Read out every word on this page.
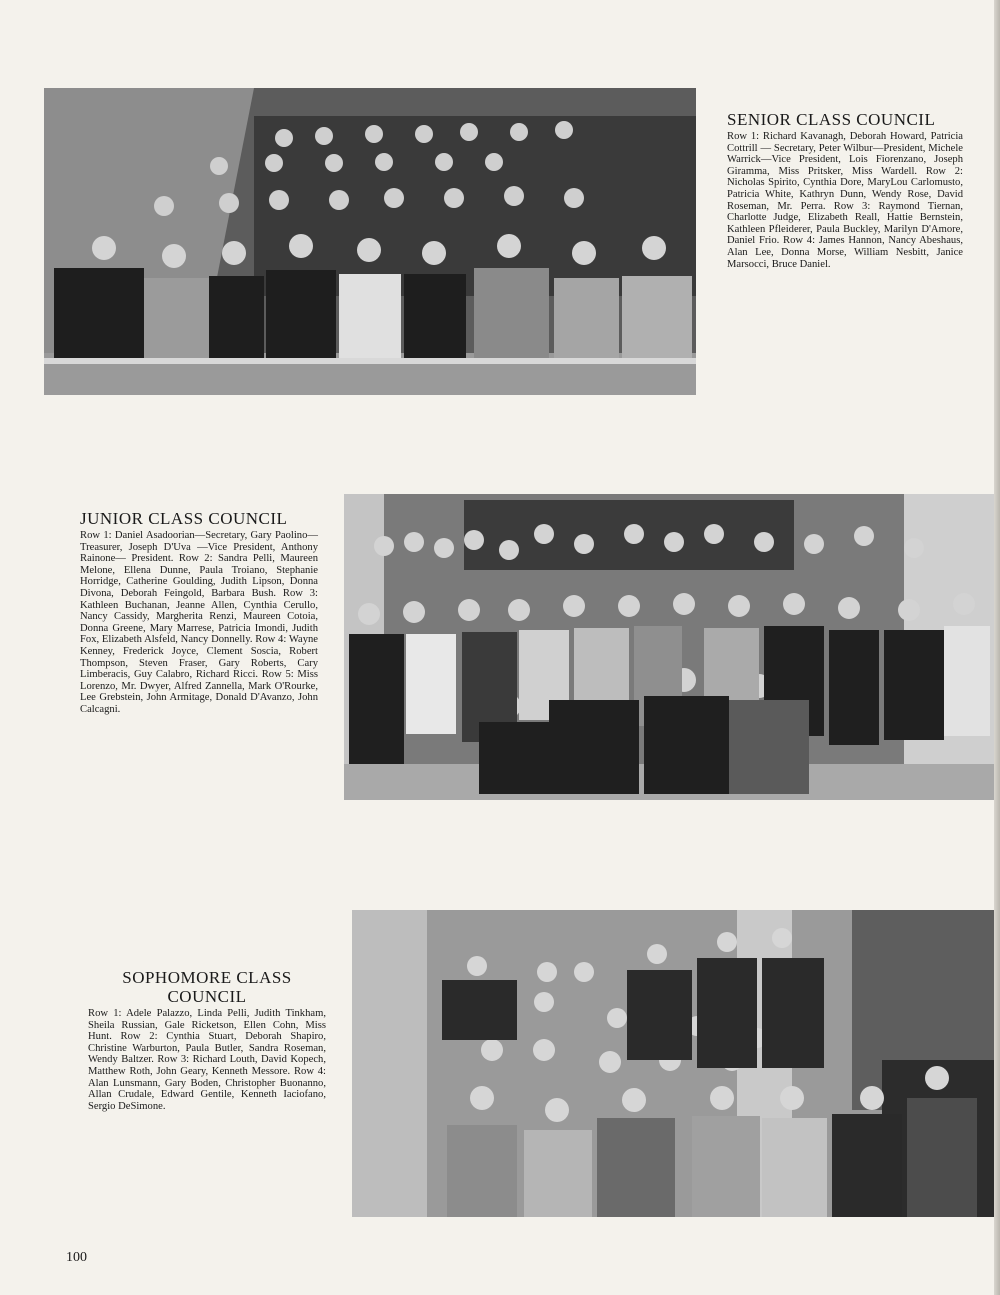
SENIOR CLASS COUNCIL

Row 1: Richard Kavanagh, Deborah Howard, Patricia Cottrill — Secretary, Peter Wilbur—President, Michele Warrick—Vice President, Lois Fiorenzano, Joseph Giramma, Miss Pritsker, Miss Wardell. Row 2: Nicholas Spirito, Cynthia Dore, MaryLou Carlomusto, Patricia White, Kathryn Dunn, Wendy Rose, David Roseman, Mr. Perra. Row 3: Raymond Tiernan, Charlotte Judge, Elizabeth Reall, Hattie Bernstein, Kathleen Pfleiderer, Paula Buckley, Marilyn D'Amore, Daniel Frio. Row 4: James Hannon, Nancy Abeshaus, Alan Lee, Donna Morse, William Nesbitt, Janice Marsocci, Bruce Daniel.

JUNIOR CLASS COUNCIL

Row 1: Daniel Asadoorian—Secretary, Gary Paolino—Treasurer, Joseph D'Uva —Vice President, Anthony Rainone— President. Row 2: Sandra Pelli, Maureen Melone, Ellena Dunne, Paula Troiano, Stephanie Horridge, Catherine Goulding, Judith Lipson, Donna Divona, Deborah Feingold, Barbara Bush. Row 3: Kathleen Buchanan, Jeanne Allen, Cynthia Cerullo, Nancy Cassidy, Margherita Renzi, Maureen Cotoia, Donna Greene, Mary Marrese, Patricia Imondi, Judith Fox, Elizabeth Alsfeld, Nancy Donnelly. Row 4: Wayne Kenney, Frederick Joyce, Clement Soscia, Robert Thompson, Steven Fraser, Gary Roberts, Cary Limberacis, Guy Calabro, Richard Ricci. Row 5: Miss Lorenzo, Mr. Dwyer, Alfred Zannella, Mark O'Rourke, Lee Grebstein, John Armitage, Donald D'Avanzo, John Calcagni.

SOPHOMORE CLASS COUNCIL

Row 1: Adele Palazzo, Linda Pelli, Judith Tinkham, Sheila Russian, Gale Ricketson, Ellen Cohn, Miss Hunt. Row 2: Cynthia Stuart, Deborah Shapiro, Christine Warburton, Paula Butler, Sandra Roseman, Wendy Baltzer. Row 3: Richard Louth, David Kopech, Matthew Roth, John Geary, Kenneth Messore. Row 4: Alan Lunsmann, Gary Boden, Christopher Buonanno, Allan Crudale, Edward Gentile, Kenneth Iaciofano, Sergio DeSimone.

100
